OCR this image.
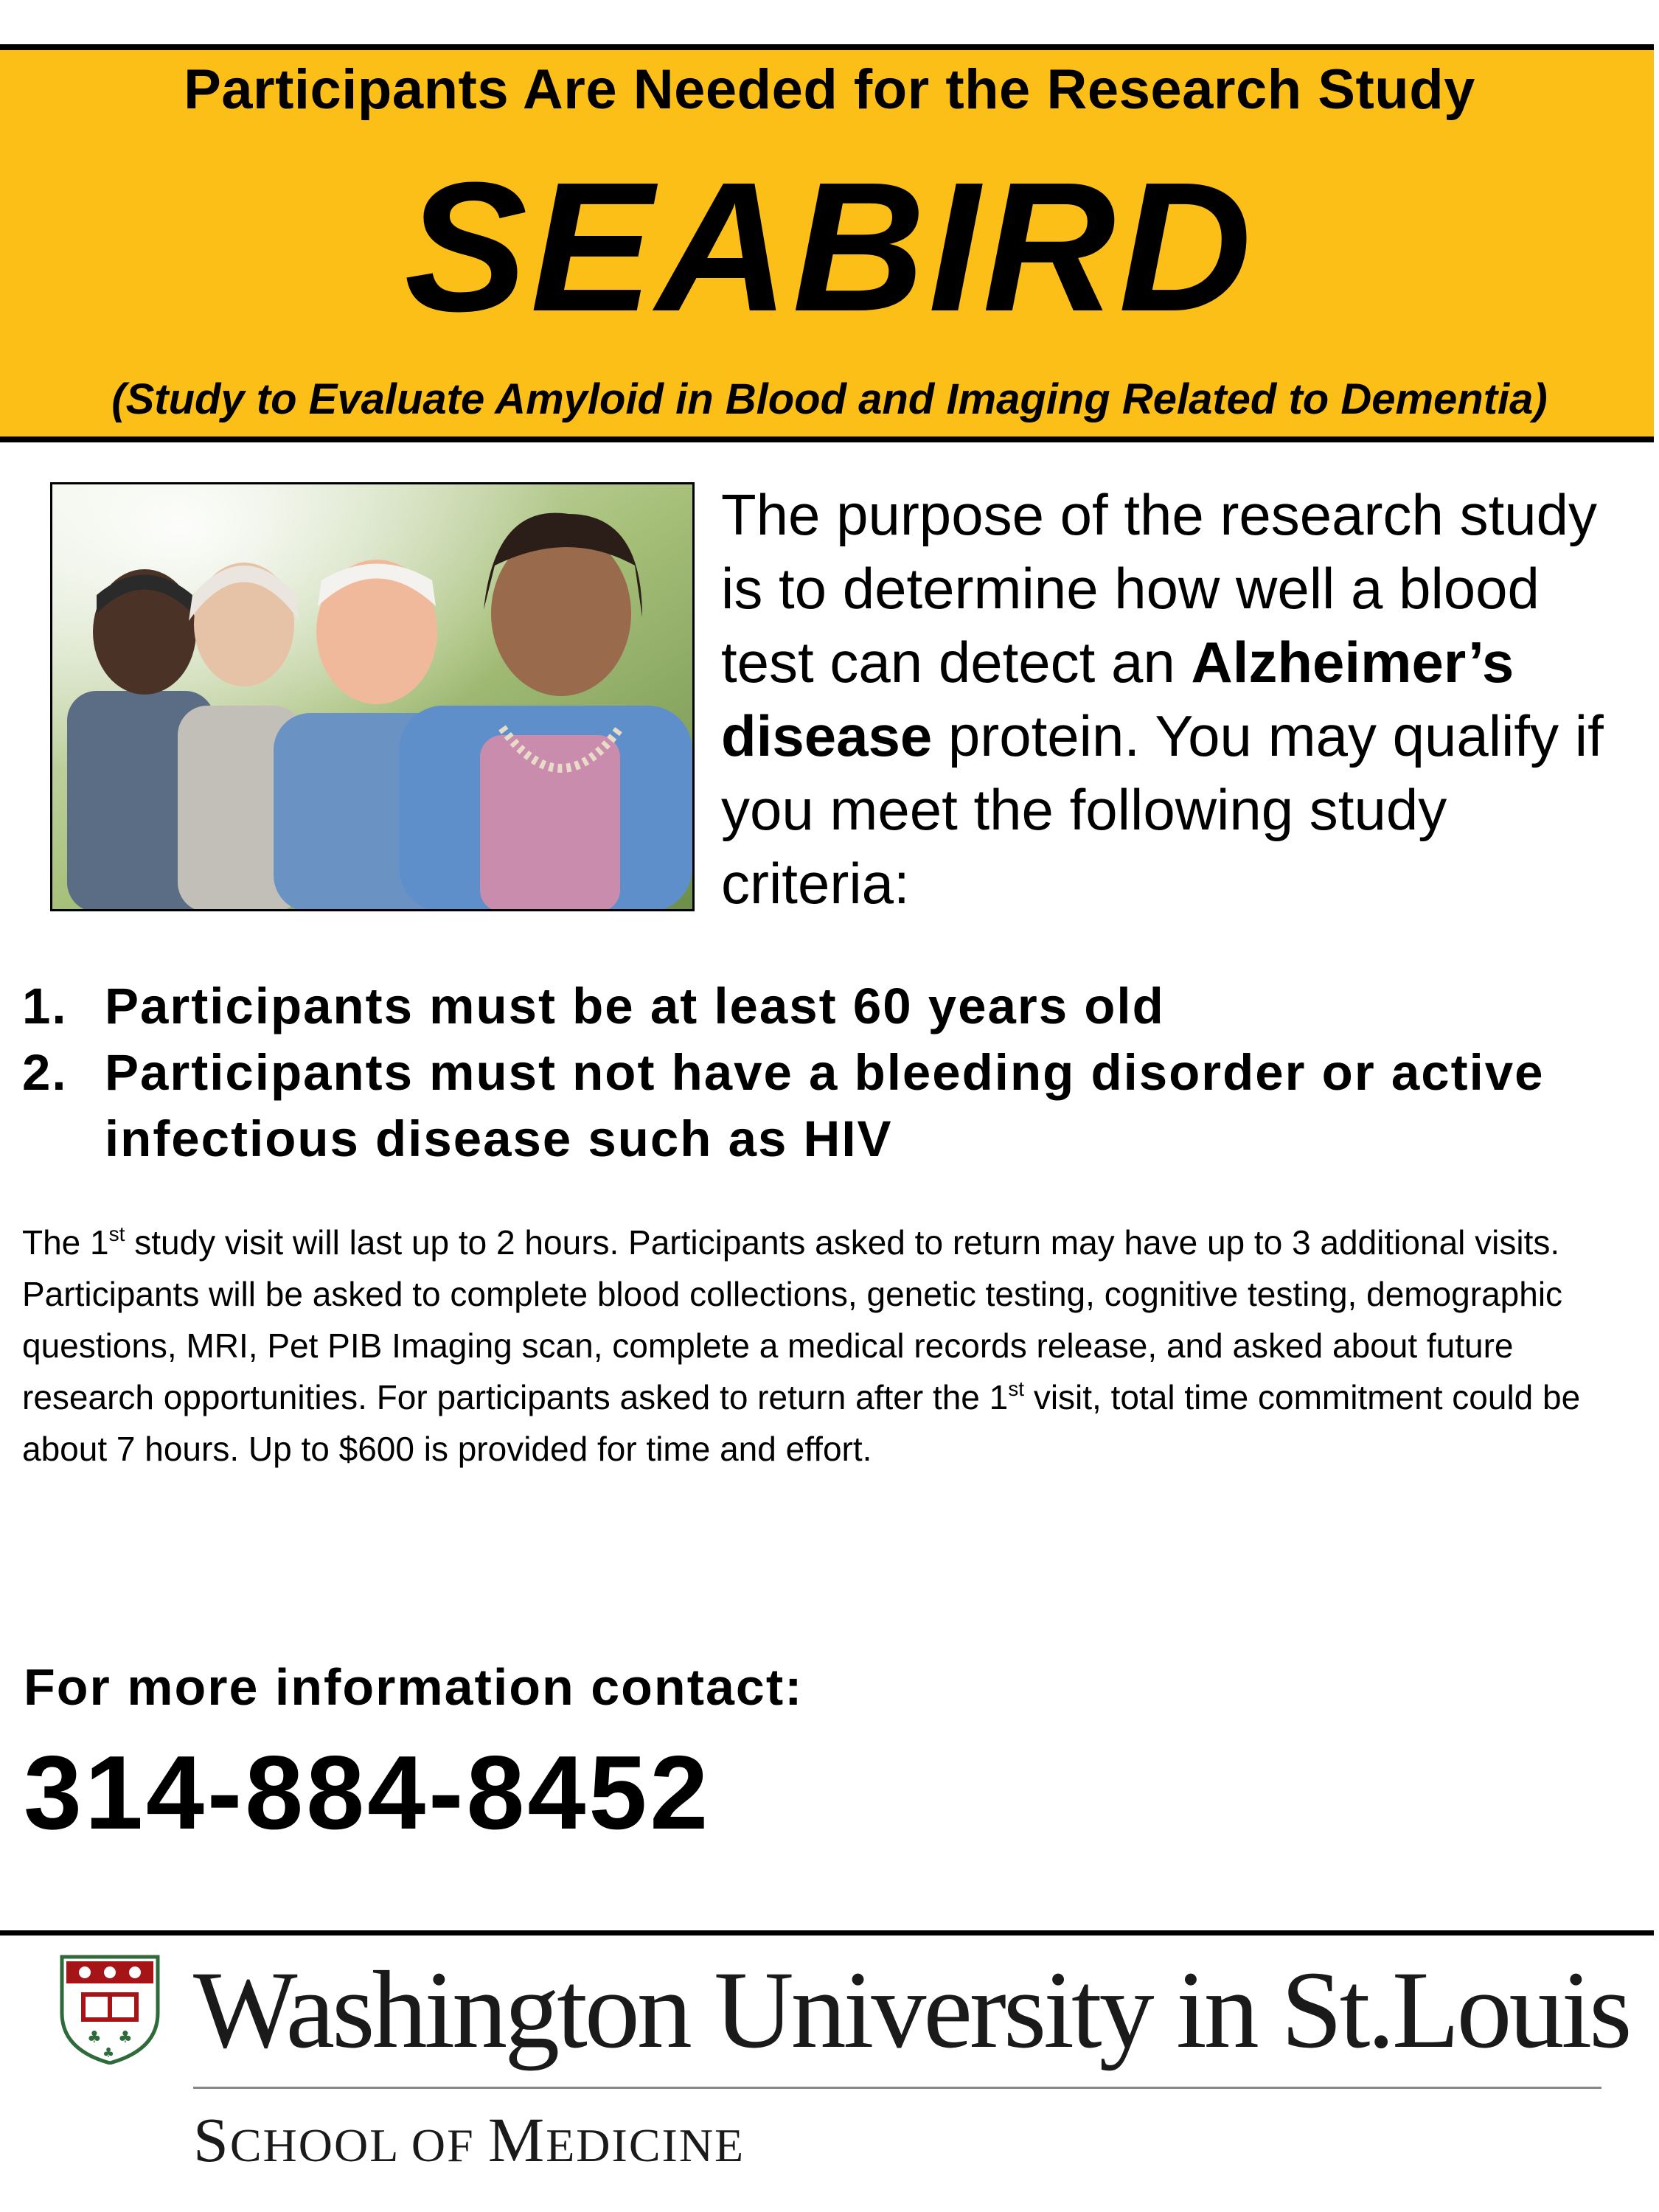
Participants Are Needed for the Research Study
SEABIRD
(Study to Evaluate Amyloid in Blood and Imaging Related to Dementia)
The purpose of the research study is to determine how well a blood test can detect an Alzheimer’s disease protein. You may qualify if you meet the following study criteria:
1. Participants must be at least 60 years old
2. Participants must not have a bleeding disorder or active infectious disease such as HIV
The 1st study visit will last up to 2 hours. Participants asked to return may have up to 3 additional visits. Participants will be asked to complete blood collections, genetic testing, cognitive testing, demographic questions, MRI, Pet PIB Imaging scan, complete a medical records release, and asked about future research opportunities. For participants asked to return after the 1st visit, total time commitment could be about 7 hours. Up to $600 is provided for time and effort.
For more information contact:
314-884-8452
♣ ♣
♣ Washington University in St.Louis
SCHOOL OF MEDICINE
